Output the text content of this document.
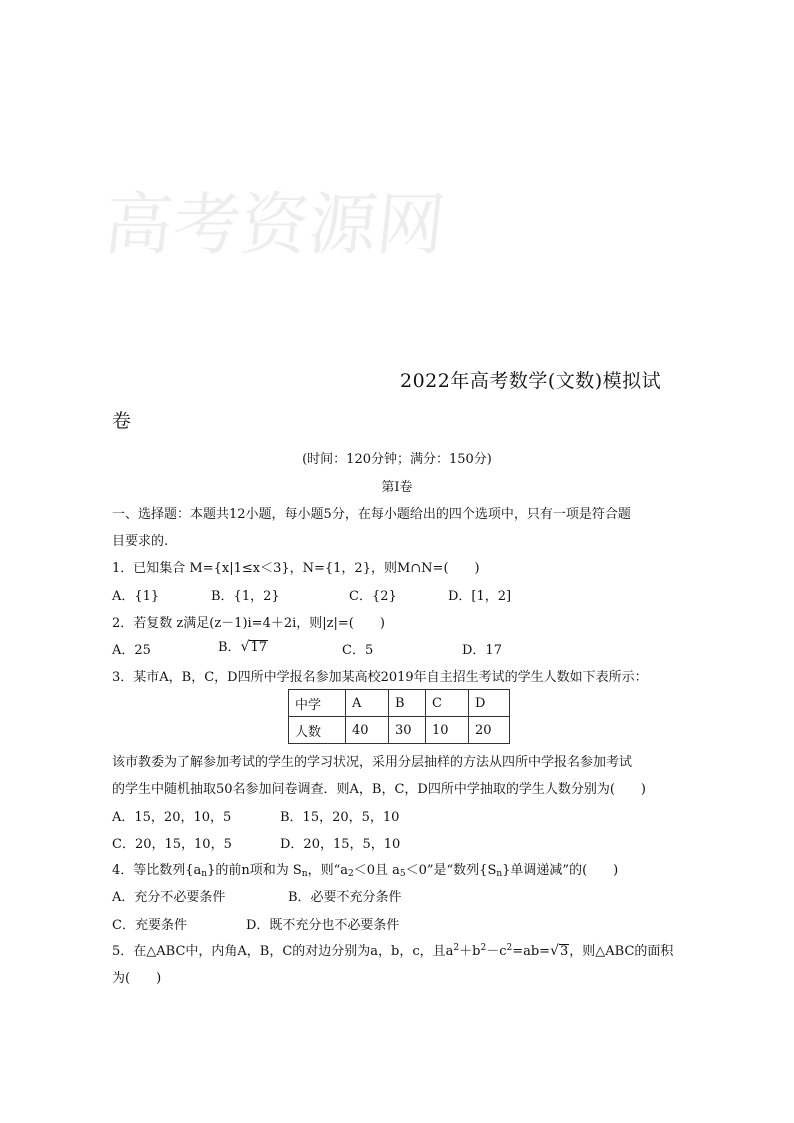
高考资源网
2022年高考数学(文数)模拟试
卷
(时间：120分钟；满分：150分)
第Ⅰ卷
一、选择题：本题共12小题，每小题5分，在每小题给出的四个选项中，只有一项是符合题
目要求的.
1．已知集合 M={x|1≤x＜3}，N={1，2}，则M∩N=(　　)
A．{1}	B．{1，2}	C．{2}	D．[1，2]
2．若复数 z满足(z－1)i=4＋2i，则|z|=(　　)
A．25	B．√17	C．5	D．17
3．某市A，B，C，D四所中学报名参加某高校2019年自主招生考试的学生人数如下表所示：
中学	A	B	C	D
人数	40	30	10	20
该市教委为了解参加考试的学生的学习状况，采用分层抽样的方法从四所中学报名参加考试
的学生中随机抽取50名参加问卷调查．则A，B，C，D四所中学抽取的学生人数分别为(　　)
A．15，20，10，5	B．15，20，5，10
C．20，15，10，5	D．20，15，5，10
4．等比数列$\{a_n\}$的前n项和为 $S_n$，则“$a_2<0$且 $a_5<0$”是“数列$\{S_n\}$单调递减”的(　　)
A．充分不必要条件	B．必要不充分条件
C．充要条件	D．既不充分也不必要条件
5．在△ABC中，内角A，B，C的对边分别为a，b，c，且$a^2+b^2-c^2=ab=√3$，则△ABC的面积
为(　　)
